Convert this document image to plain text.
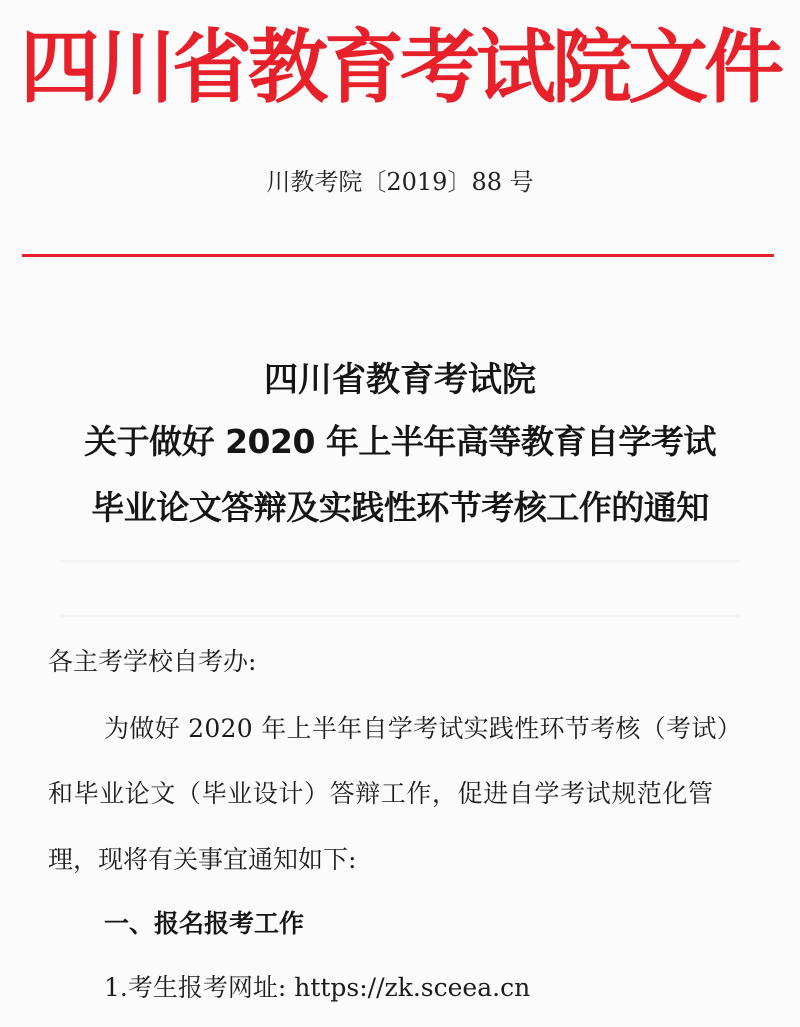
四川省教育考试院文件
川教考院〔2019〕88 号
四川省教育考试院
关于做好 2020 年上半年高等教育自学考试
毕业论文答辩及实践性环节考核工作的通知
各主考学校自考办:
为做好 2020 年上半年自学考试实践性环节考核（考试）
和毕业论文（毕业设计）答辩工作，促进自学考试规范化管
理，现将有关事宜通知如下:
一、报名报考工作
1.考生报考网址: https://zk.sceea.cn
